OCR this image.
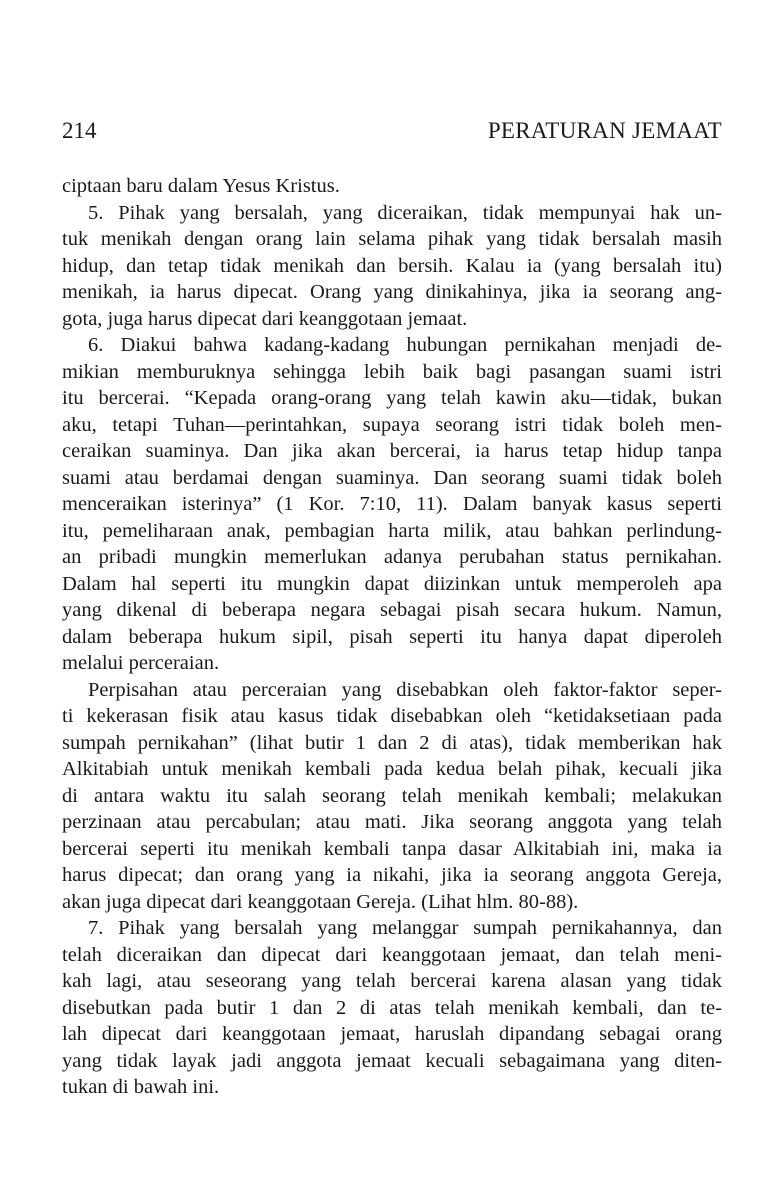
214	PERATURAN JEMAAT
ciptaan baru dalam Yesus Kristus.
5. Pihak yang bersalah, yang diceraikan, tidak mempunyai hak un-
tuk menikah dengan orang lain selama pihak yang tidak bersalah masih
hidup, dan tetap tidak menikah dan bersih. Kalau ia (yang bersalah itu)
menikah, ia harus dipecat. Orang yang dinikahinya, jika ia seorang ang-
gota, juga harus dipecat dari keanggotaan jemaat.
6. Diakui bahwa kadang-kadang hubungan pernikahan menjadi de-
mikian memburuknya sehingga lebih baik bagi pasangan suami istri
itu bercerai. “Kepada orang-orang yang telah kawin aku—tidak, bukan
aku, tetapi Tuhan—perintahkan, supaya seorang istri tidak boleh men-
ceraikan suaminya. Dan jika akan bercerai, ia harus tetap hidup tanpa
suami atau berdamai dengan suaminya. Dan seorang suami tidak boleh
menceraikan isterinya” (1 Kor. 7:10, 11). Dalam banyak kasus seperti
itu, pemeliharaan anak, pembagian harta milik, atau bahkan perlindung-
an pribadi mungkin memerlukan adanya perubahan status pernikahan.
Dalam hal seperti itu mungkin dapat diizinkan untuk memperoleh apa
yang dikenal di beberapa negara sebagai pisah secara hukum. Namun,
dalam beberapa hukum sipil, pisah seperti itu hanya dapat diperoleh
melalui perceraian.
Perpisahan atau perceraian yang disebabkan oleh faktor-faktor seper-
ti kekerasan fisik atau kasus tidak disebabkan oleh “ketidaksetiaan pada
sumpah pernikahan” (lihat butir 1 dan 2 di atas), tidak memberikan hak
Alkitabiah untuk menikah kembali pada kedua belah pihak, kecuali jika
di antara waktu itu salah seorang telah menikah kembali; melakukan
perzinaan atau percabulan; atau mati. Jika seorang anggota yang telah
bercerai seperti itu menikah kembali tanpa dasar Alkitabiah ini, maka ia
harus dipecat; dan orang yang ia nikahi, jika ia seorang anggota Gereja,
akan juga dipecat dari keanggotaan Gereja. (Lihat hlm. 80-88).
7. Pihak yang bersalah yang melanggar sumpah pernikahannya, dan
telah diceraikan dan dipecat dari keanggotaan jemaat, dan telah meni-
kah lagi, atau seseorang yang telah bercerai karena alasan yang tidak
disebutkan pada butir 1 dan 2 di atas telah menikah kembali, dan te-
lah dipecat dari keanggotaan jemaat, haruslah dipandang sebagai orang
yang tidak layak jadi anggota jemaat kecuali sebagaimana yang diten-
tukan di bawah ini.
